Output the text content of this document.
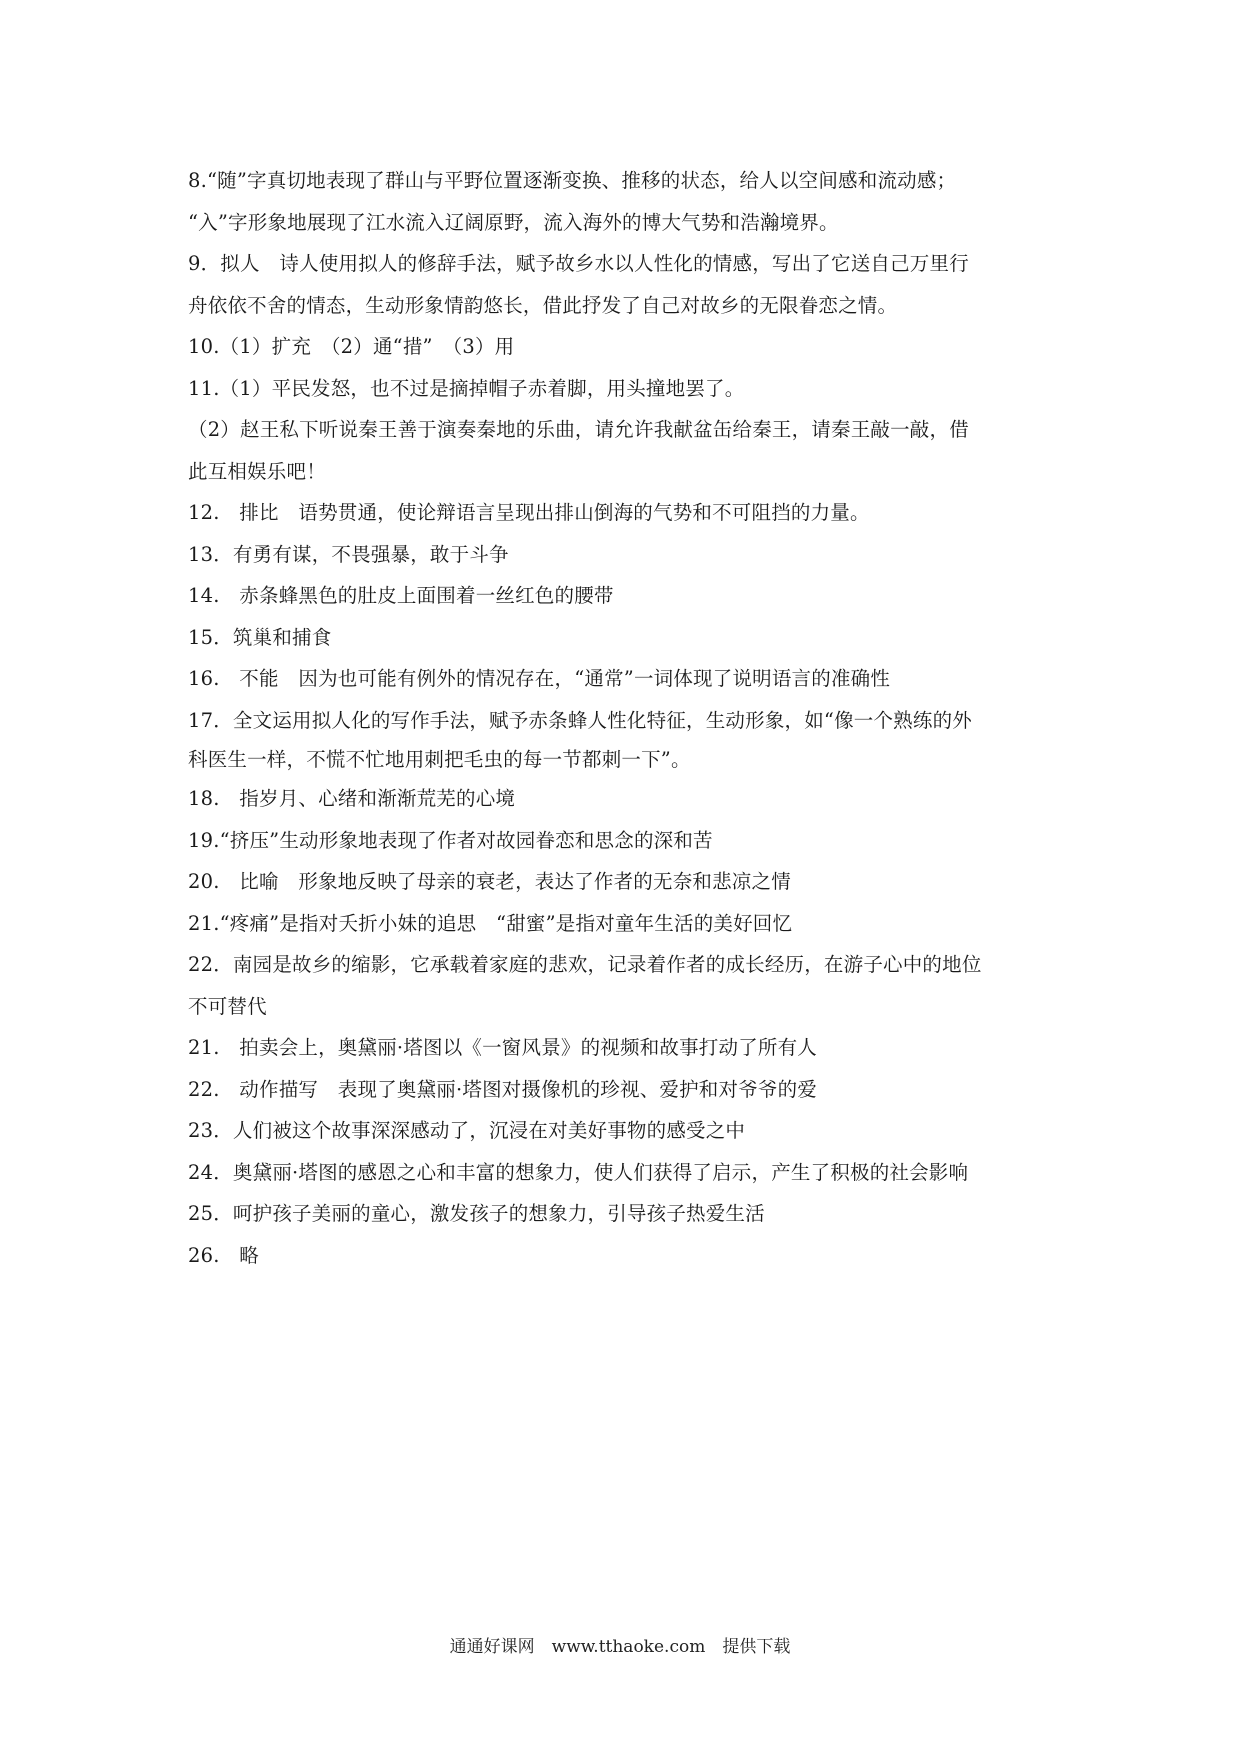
8.“随”字真切地表现了群山与平野位置逐渐变换、推移的状态，给人以空间感和流动感；
“入”字形象地展现了江水流入辽阔原野，流入海外的博大气势和浩瀚境界。
9．拟人　诗人使用拟人的修辞手法，赋予故乡水以人性化的情感，写出了它送自己万里行
舟依依不舍的情态，生动形象情韵悠长，借此抒发了自己对故乡的无限眷恋之情。
10.（1）扩充　（2）通“措”　（3）用
11.（1）平民发怒，也不过是摘掉帽子赤着脚，用头撞地罢了。
（2）赵王私下听说秦王善于演奏秦地的乐曲，请允许我献盆缶给秦王，请秦王敲一敲，借
此互相娱乐吧！
12.　排比　语势贯通，使论辩语言呈现出排山倒海的气势和不可阻挡的力量。
13．有勇有谋，不畏强暴，敢于斗争
14.　赤条蜂黑色的肚皮上面围着一丝红色的腰带
15．筑巢和捕食
16.　不能　因为也可能有例外的情况存在，“通常”一词体现了说明语言的准确性
17．全文运用拟人化的写作手法，赋予赤条蜂人性化特征，生动形象，如“像一个熟练的外
科医生一样，不慌不忙地用刺把毛虫的每一节都刺一下”。
18.　指岁月、心绪和渐渐荒芜的心境
19.“挤压”生动形象地表现了作者对故园眷恋和思念的深和苦
20.　比喻　形象地反映了母亲的衰老，表达了作者的无奈和悲凉之情
21.“疼痛”是指对夭折小妹的追思　“甜蜜”是指对童年生活的美好回忆
22．南园是故乡的缩影，它承载着家庭的悲欢，记录着作者的成长经历，在游子心中的地位
不可替代
21.　拍卖会上，奥黛丽·塔图以《一窗风景》的视频和故事打动了所有人
22.　动作描写　表现了奥黛丽·塔图对摄像机的珍视、爱护和对爷爷的爱
23．人们被这个故事深深感动了，沉浸在对美好事物的感受之中
24．奥黛丽·塔图的感恩之心和丰富的想象力，使人们获得了启示，产生了积极的社会影响
25．呵护孩子美丽的童心，激发孩子的想象力，引导孩子热爱生活
26.　略
通通好课网　www.tthaoke.com　提供下载
